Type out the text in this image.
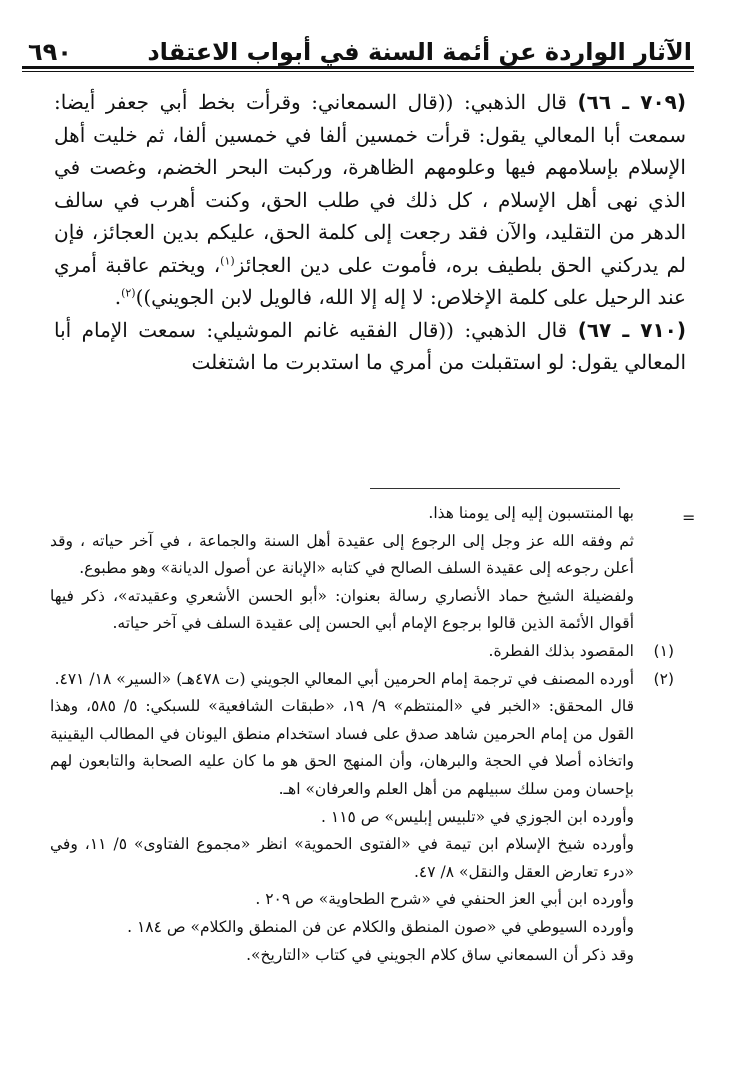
الآثار الواردة عن أئمة السنة في أبواب الاعتقاد
٦٩٠

(٧٠٩ ـ ٦٦) قال الذهبي: ((قال السمعاني: وقرأت بخط أبي جعفر أيضا: سمعت أبا المعالي يقول: قرأت خمسين ألفا في خمسين ألفا، ثم خليت أهل الإسلام بإسلامهم فيها وعلومهم الظاهرة، وركبت البحر الخضم، وغصت في الذي نهى أهل الإسلام ، كل ذلك في طلب الحق، وكنت أهرب في سالف الدهر من التقليد، والآن فقد رجعت إلى كلمة الحق، عليكم بدين العجائز، فإن لم يدركني الحق بلطيف بره، فأموت على دين العجائز$^{(١)}$، ويختم عاقبة أمري عند الرحيل على كلمة الإخلاص: لا إله إلا الله، فالويل لابن الجويني))$^{(٢)}$.

(٧١٠ ـ ٦٧) قال الذهبي: ((قال الفقيه غانم الموشيلي: سمعت الإمام أبا المعالي يقول: لو استقبلت من أمري ما استدبرت ما اشتغلت

=

بها المنتسبون إليه إلى يومنا هذا.

ثم وفقه الله عز وجل إلى الرجوع إلى عقيدة أهل السنة والجماعة ، في آخر حياته ، وقد أعلن رجوعه إلى عقيدة السلف الصالح في كتابه «الإبانة عن أصول الديانة» وهو مطبوع.

ولفضيلة الشيخ حماد الأنصاري رسالة بعنوان: «أبو الحسن الأشعري وعقيدته»، ذكر فيها أقوال الأئمة الذين قالوا برجوع الإمام أبي الحسن إلى عقيدة السلف في آخر حياته.

(١)
المقصود بذلك الفطرة.
(٢)
أورده المصنف في ترجمة إمام الحرمين أبي المعالي الجويني (ت ٤٧٨هـ) «السير» ١٨/ ٤٧١.

قال المحقق: «الخبر في «المنتظم» ٩/ ١٩، «طبقات الشافعية» للسبكي: ٥/ ٥٨٥، وهذا القول من إمام الحرمين شاهد صدق على فساد استخدام منطق اليونان في المطالب اليقينية واتخاذه أصلا في الحجة والبرهان، وأن المنهج الحق هو ما كان عليه الصحابة والتابعون لهم بإحسان ومن سلك سبيلهم من أهل العلم والعرفان» اهـ.

وأورده ابن الجوزي في «تلبيس إبليس» ص ١١٥ .

وأورده شيخ الإسلام ابن تيمة في «الفتوى الحموية» انظر «مجموع الفتاوى» ٥/ ١١، وفي «درء تعارض العقل والنقل» ٨/ ٤٧.

وأورده ابن أبي العز الحنفي في «شرح الطحاوية» ص ٢٠٩ .

وأورده السيوطي في «صون المنطق والكلام عن فن المنطق والكلام» ص ١٨٤ .

وقد ذكر أن السمعاني ساق كلام الجويني في كتاب «التاريخ».
